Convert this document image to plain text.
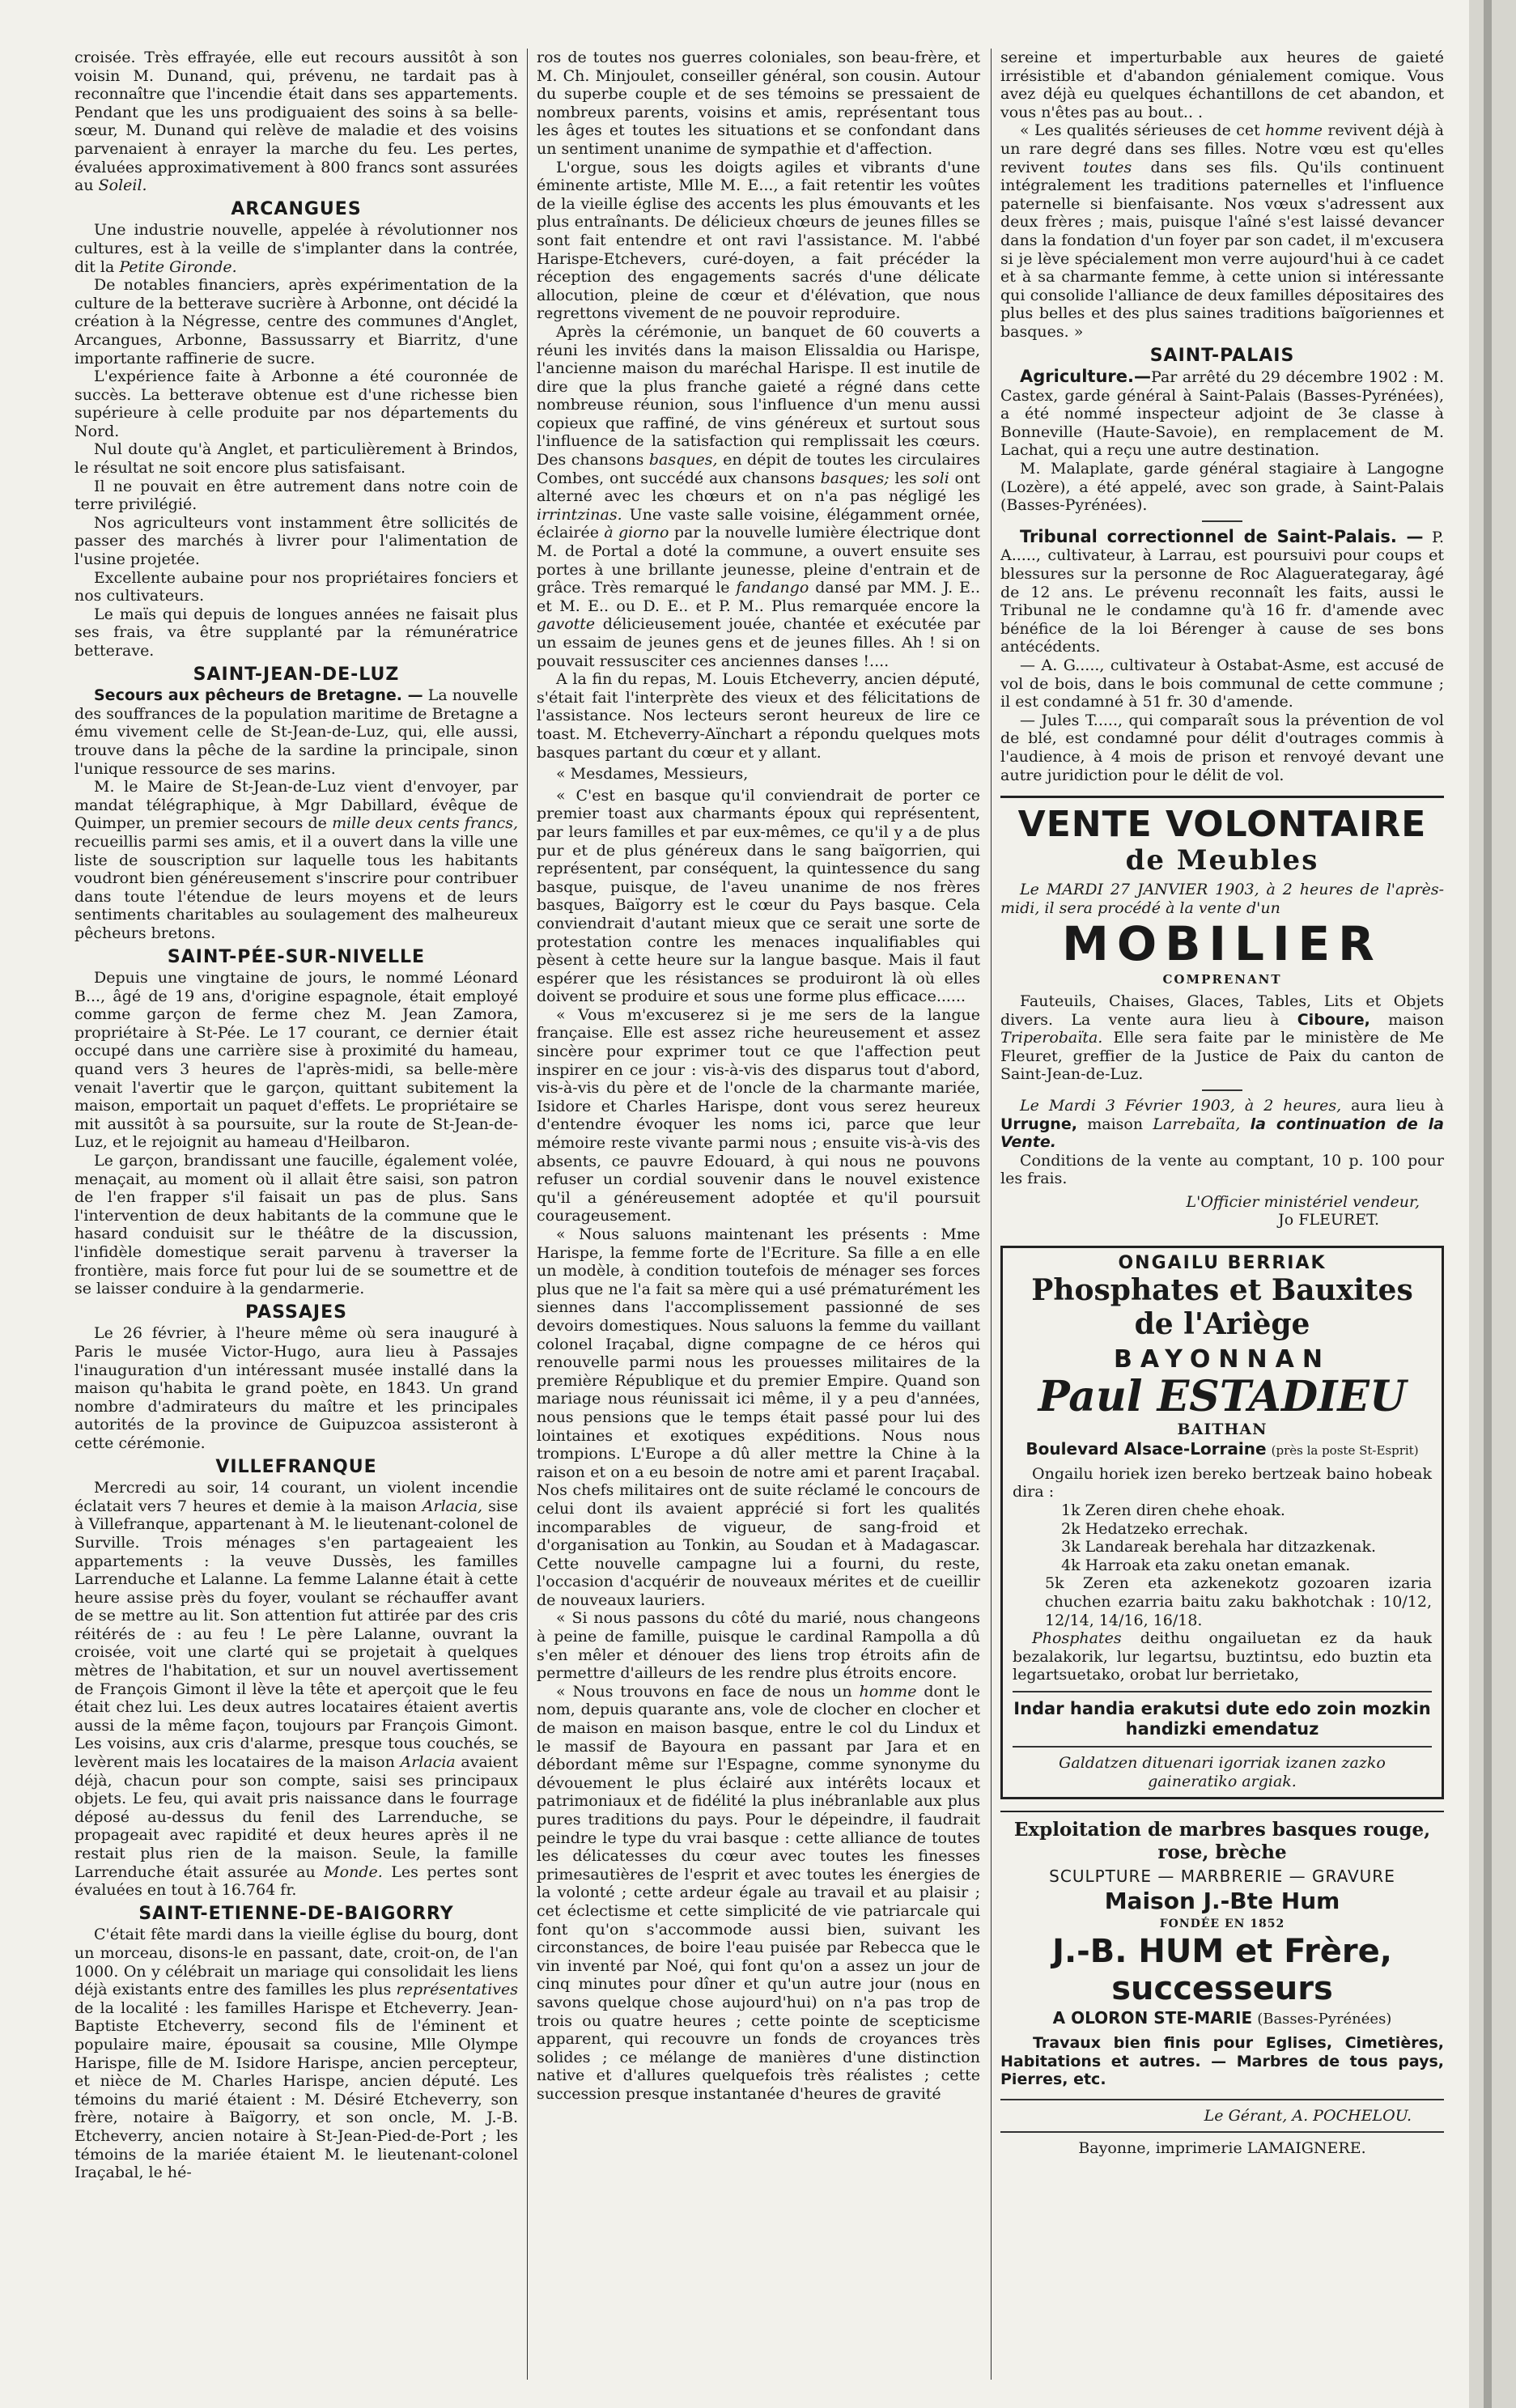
croisée. Très effrayée, elle eut recours aussitôt à son voisin M. Dunand, qui, prévenu, ne tardait pas à reconnaître que l'incendie était dans ses appartements. Pendant que les uns prodiguaient des soins à sa belle-sœur, M. Dunand qui relève de maladie et des voisins parvenaient à enrayer la marche du feu. Les pertes, évaluées approximativement à 800 francs sont assurées au Soleil.

ARCANGUES

Une industrie nouvelle, appelée à révolutionner nos cultures, est à la veille de s'implanter dans la contrée, dit la Petite Gironde.

De notables financiers, après expérimentation de la culture de la betterave sucrière à Arbonne, ont décidé la création à la Négresse, centre des communes d'Anglet, Arcangues, Arbonne, Bassussarry et Biarritz, d'une importante raffinerie de sucre.

L'expérience faite à Arbonne a été couronnée de succès. La betterave obtenue est d'une richesse bien supérieure à celle produite par nos départements du Nord.

Nul doute qu'à Anglet, et particulièrement à Brindos, le résultat ne soit encore plus satisfaisant.

Il ne pouvait en être autrement dans notre coin de terre privilégié.

Nos agriculteurs vont instamment être sollicités de passer des marchés à livrer pour l'alimentation de l'usine projetée.

Excellente aubaine pour nos propriétaires fonciers et nos cultivateurs.

Le maïs qui depuis de longues années ne faisait plus ses frais, va être supplanté par la rémunératrice betterave.

SAINT-JEAN-DE-LUZ

Secours aux pêcheurs de Bretagne. — La nouvelle des souffrances de la population maritime de Bretagne a ému vivement celle de St-Jean-de-Luz, qui, elle aussi, trouve dans la pêche de la sardine la principale, sinon l'unique ressource de ses marins.

M. le Maire de St-Jean-de-Luz vient d'envoyer, par mandat télégraphique, à Mgr Dabillard, évêque de Quimper, un premier secours de mille deux cents francs, recueillis parmi ses amis, et il a ouvert dans la ville une liste de souscription sur laquelle tous les habitants voudront bien généreusement s'inscrire pour contribuer dans toute l'étendue de leurs moyens et de leurs sentiments charitables au soulagement des malheureux pêcheurs bretons.

SAINT-PÉE-SUR-NIVELLE

Depuis une vingtaine de jours, le nommé Léonard B..., âgé de 19 ans, d'origine espagnole, était employé comme garçon de ferme chez M. Jean Zamora, propriétaire à St-Pée. Le 17 courant, ce dernier était occupé dans une carrière sise à proximité du hameau, quand vers 3 heures de l'après-midi, sa belle-mère venait l'avertir que le garçon, quittant subitement la maison, emportait un paquet d'effets. Le propriétaire se mit aussitôt à sa poursuite, sur la route de St-Jean-de-Luz, et le rejoignit au hameau d'Heilbaron.

Le garçon, brandissant une faucille, également volée, menaçait, au moment où il allait être saisi, son patron de l'en frapper s'il faisait un pas de plus. Sans l'intervention de deux habitants de la commune que le hasard conduisit sur le théâtre de la discussion, l'infidèle domestique serait parvenu à traverser la frontière, mais force fut pour lui de se soumettre et de se laisser conduire à la gendarmerie.

PASSAJES

Le 26 février, à l'heure même où sera inauguré à Paris le musée Victor-Hugo, aura lieu à Passajes l'inauguration d'un intéressant musée installé dans la maison qu'habita le grand poète, en 1843. Un grand nombre d'admirateurs du maître et les principales autorités de la province de Guipuzcoa assisteront à cette cérémonie.

VILLEFRANQUE

Mercredi au soir, 14 courant, un violent incendie éclatait vers 7 heures et demie à la maison Arlacia, sise à Villefranque, appartenant à M. le lieutenant-colonel de Surville. Trois ménages s'en partageaient les appartements : la veuve Dussès, les familles Larrenduche et Lalanne. La femme Lalanne était à cette heure assise près du foyer, voulant se réchauffer avant de se mettre au lit. Son attention fut attirée par des cris réitérés de : au feu ! Le père Lalanne, ouvrant la croisée, voit une clarté qui se projetait à quelques mètres de l'habitation, et sur un nouvel avertissement de François Gimont il lève la tête et aperçoit que le feu était chez lui. Les deux autres locataires étaient avertis aussi de la même façon, toujours par François Gimont. Les voisins, aux cris d'alarme, presque tous couchés, se levèrent mais les locataires de la maison Arlacia avaient déjà, chacun pour son compte, saisi ses principaux objets. Le feu, qui avait pris naissance dans le fourrage déposé au-dessus du fenil des Larrenduche, se propageait avec rapidité et deux heures après il ne restait plus rien de la maison. Seule, la famille Larrenduche était assurée au Monde. Les pertes sont évaluées en tout à 16.764 fr.

SAINT-ETIENNE-DE-BAIGORRY

C'était fête mardi dans la vieille église du bourg, dont un morceau, disons-le en passant, date, croit-on, de l'an 1000. On y célébrait un mariage qui consolidait les liens déjà existants entre des familles les plus représentatives de la localité : les familles Harispe et Etcheverry. Jean-Baptiste Etcheverry, second fils de l'éminent et populaire maire, épousait sa cousine, Mlle Olympe Harispe, fille de M. Isidore Harispe, ancien percepteur, et nièce de M. Charles Harispe, ancien député. Les témoins du marié étaient : M. Désiré Etcheverry, son frère, notaire à Baïgorry, et son oncle, M. J.-B. Etcheverry, ancien notaire à St-Jean-Pied-de-Port ; les témoins de la mariée étaient M. le lieutenant-colonel Iraçabal, le hé-

ros de toutes nos guerres coloniales, son beau-frère, et M. Ch. Minjoulet, conseiller général, son cousin. Autour du superbe couple et de ses témoins se pressaient de nombreux parents, voisins et amis, représentant tous les âges et toutes les situations et se confondant dans un sentiment unanime de sympathie et d'affection.

L'orgue, sous les doigts agiles et vibrants d'une éminente artiste, Mlle M. E..., a fait retentir les voûtes de la vieille église des accents les plus émouvants et les plus entraînants. De délicieux chœurs de jeunes filles se sont fait entendre et ont ravi l'assistance. M. l'abbé Harispe-Etchevers, curé-doyen, a fait précéder la réception des engagements sacrés d'une délicate allocution, pleine de cœur et d'élévation, que nous regrettons vivement de ne pouvoir reproduire.

Après la cérémonie, un banquet de 60 couverts a réuni les invités dans la maison Elissaldia ou Harispe, l'ancienne maison du maréchal Harispe. Il est inutile de dire que la plus franche gaieté a régné dans cette nombreuse réunion, sous l'influence d'un menu aussi copieux que raffiné, de vins généreux et surtout sous l'influence de la satisfaction qui remplissait les cœurs. Des chansons basques, en dépit de toutes les circulaires Combes, ont succédé aux chansons basques; les soli ont alterné avec les chœurs et on n'a pas négligé les irrintzinas. Une vaste salle voisine, élégamment ornée, éclairée à giorno par la nouvelle lumière électrique dont M. de Portal a doté la commune, a ouvert ensuite ses portes à une brillante jeunesse, pleine d'entrain et de grâce. Très remarqué le fandango dansé par MM. J. E.. et M. E.. ou D. E.. et P. M.. Plus remarquée encore la gavotte délicieusement jouée, chantée et exécutée par un essaim de jeunes gens et de jeunes filles. Ah ! si on pouvait ressusciter ces anciennes danses !....

A la fin du repas, M. Louis Etcheverry, ancien député, s'était fait l'interprète des vieux et des félicitations de l'assistance. Nos lecteurs seront heureux de lire ce toast. M. Etcheverry-Aïnchart a répondu quelques mots basques partant du cœur et y allant.

« Mesdames, Messieurs,

« C'est en basque qu'il conviendrait de porter ce premier toast aux charmants époux qui représentent, par leurs familles et par eux-mêmes, ce qu'il y a de plus pur et de plus généreux dans le sang baïgorrien, qui représentent, par conséquent, la quintessence du sang basque, puisque, de l'aveu unanime de nos frères basques, Baïgorry est le cœur du Pays basque. Cela conviendrait d'autant mieux que ce serait une sorte de protestation contre les menaces inqualifiables qui pèsent à cette heure sur la langue basque. Mais il faut espérer que les résistances se produiront là où elles doivent se produire et sous une forme plus efficace......

« Vous m'excuserez si je me sers de la langue française. Elle est assez riche heureusement et assez sincère pour exprimer tout ce que l'affection peut inspirer en ce jour : vis-à-vis des disparus tout d'abord, vis-à-vis du père et de l'oncle de la charmante mariée, Isidore et Charles Harispe, dont vous serez heureux d'entendre évoquer les noms ici, parce que leur mémoire reste vivante parmi nous ; ensuite vis-à-vis des absents, ce pauvre Edouard, à qui nous ne pouvons refuser un cordial souvenir dans le nouvel existence qu'il a généreusement adoptée et qu'il poursuit courageusement.

« Nous saluons maintenant les présents : Mme Harispe, la femme forte de l'Ecriture. Sa fille a en elle un modèle, à condition toutefois de ménager ses forces plus que ne l'a fait sa mère qui a usé prématurément les siennes dans l'accomplissement passionné de ses devoirs domestiques. Nous saluons la femme du vaillant colonel Iraçabal, digne compagne de ce héros qui renouvelle parmi nous les prouesses militaires de la première République et du premier Empire. Quand son mariage nous réunissait ici même, il y a peu d'années, nous pensions que le temps était passé pour lui des lointaines et exotiques expéditions. Nous nous trompions. L'Europe a dû aller mettre la Chine à la raison et on a eu besoin de notre ami et parent Iraçabal. Nos chefs militaires ont de suite réclamé le concours de celui dont ils avaient apprécié si fort les qualités incomparables de vigueur, de sang-froid et d'organisation au Tonkin, au Soudan et à Madagascar. Cette nouvelle campagne lui a fourni, du reste, l'occasion d'acquérir de nouveaux mérites et de cueillir de nouveaux lauriers.

« Si nous passons du côté du marié, nous changeons à peine de famille, puisque le cardinal Rampolla a dû s'en mêler et dénouer des liens trop étroits afin de permettre d'ailleurs de les rendre plus étroits encore.

« Nous trouvons en face de nous un homme dont le nom, depuis quarante ans, vole de clocher en clocher et de maison en maison basque, entre le col du Lindux et le massif de Bayoura en passant par Jara et en débordant même sur l'Espagne, comme synonyme du dévouement le plus éclairé aux intérêts locaux et patrimoniaux et de fidélité la plus inébranlable aux plus pures traditions du pays. Pour le dépeindre, il faudrait peindre le type du vrai basque : cette alliance de toutes les délicatesses du cœur avec toutes les finesses primesautières de l'esprit et avec toutes les énergies de la volonté ; cette ardeur égale au travail et au plaisir ; cet éclectisme et cette simplicité de vie patriarcale qui font qu'on s'accommode aussi bien, suivant les circonstances, de boire l'eau puisée par Rebecca que le vin inventé par Noé, qui font qu'on a assez un jour de cinq minutes pour dîner et qu'un autre jour (nous en savons quelque chose aujourd'hui) on n'a pas trop de trois ou quatre heures ; cette pointe de scepticisme apparent, qui recouvre un fonds de croyances très solides ; ce mélange de manières d'une distinction native et d'allures quelquefois très réalistes ; cette succession presque instantanée d'heures de gravité

sereine et imperturbable aux heures de gaieté irrésistible et d'abandon génialement comique. Vous avez déjà eu quelques échantillons de cet abandon, et vous n'êtes pas au bout.. .

« Les qualités sérieuses de cet homme revivent déjà à un rare degré dans ses filles. Notre vœu est qu'elles revivent toutes dans ses fils. Qu'ils continuent intégralement les traditions paternelles et l'influence paternelle si bienfaisante. Nos vœux s'adressent aux deux frères ; mais, puisque l'aîné s'est laissé devancer dans la fondation d'un foyer par son cadet, il m'excusera si je lève spécialement mon verre aujourd'hui à ce cadet et à sa charmante femme, à cette union si intéressante qui consolide l'alliance de deux familles dépositaires des plus belles et des plus saines traditions baïgoriennes et basques. »

SAINT-PALAIS

Agriculture.—Par arrêté du 29 décembre 1902 : M. Castex, garde général à Saint-Palais (Basses-Pyrénées), a été nommé inspecteur adjoint de 3e classe à Bonneville (Haute-Savoie), en remplacement de M. Lachat, qui a reçu une autre destination.

M. Malaplate, garde général stagiaire à Langogne (Lozère), a été appelé, avec son grade, à Saint-Palais (Basses-Pyrénées).

Tribunal correctionnel de Saint-Palais. — P. A....., cultivateur, à Larrau, est poursuivi pour coups et blessures sur la personne de Roc Alaguerategaray, âgé de 12 ans. Le prévenu reconnaît les faits, aussi le Tribunal ne le condamne qu'à 16 fr. d'amende avec bénéfice de la loi Bérenger à cause de ses bons antécédents.

— A. G....., cultivateur à Ostabat-Asme, est accusé de vol de bois, dans le bois communal de cette commune ; il est condamné à 51 fr. 30 d'amende.

— Jules T....., qui comparaît sous la prévention de vol de blé, est condamné pour délit d'outrages commis à l'audience, à 4 mois de prison et renvoyé devant une autre juridiction pour le délit de vol.

VENTE VOLONTAIRE
de Meubles

Le MARDI 27 JANVIER 1903, à 2 heures de l'après-midi, il sera procédé à la vente d'un

MOBILIER
COMPRENANT

Fauteuils, Chaises, Glaces, Tables, Lits et Objets divers. La vente aura lieu à Ciboure, maison Triperobaïta. Elle sera faite par le ministère de Me Fleuret, greffier de la Justice de Paix du canton de Saint-Jean-de-Luz.

Le Mardi 3 Février 1903, à 2 heures, aura lieu à Urrugne, maison Larrebaïta, la continuation de la Vente.

Conditions de la vente au comptant, 10 p. 100 pour les frais.

L'Officier ministériel vendeur,

Jo FLEURET.

ONGAILU BERRIAK
Phosphates et Bauxites de l'Ariège
BAYONNAN
Paul ESTADIEU
BAITHAN
Boulevard Alsace-Lorraine (près la poste St-Esprit)

Ongailu horiek izen bereko bertzeak baino hobeak dira :

1k Zeren diren chehe ehoak.

2k Hedatzeko errechak.

3k Landareak berehala har ditzazkenak.

4k Harroak eta zaku onetan emanak.

5k Zeren eta azkenekotz gozoaren izaria chuchen ezarria baitu zaku bakhotchak : 10/12, 12/14, 14/16, 16/18.

Phosphates deithu ongailuetan ez da hauk bezalakorik, lur legartsu, buztintsu, edo buztin eta legartsuetako, orobat lur berrietako,

Indar handia erakutsi dute edo zoin mozkin handizki emendatuz

Galdatzen dituenari igorriak izanen zazko gaineratiko argiak.

Exploitation de marbres basques rouge, rose, brèche
SCULPTURE — MARBRERIE — GRAVURE
Maison J.-Bte Hum
FONDÉE EN 1852
J.-B. HUM et Frère, successeurs
A OLORON STE-MARIE (Basses-Pyrénées)

Travaux bien finis pour Eglises, Cimetières, Habitations et autres. — Marbres de tous pays, Pierres, etc.

Le Gérant, A. POCHELOU.

Bayonne, imprimerie LAMAIGNERE.
